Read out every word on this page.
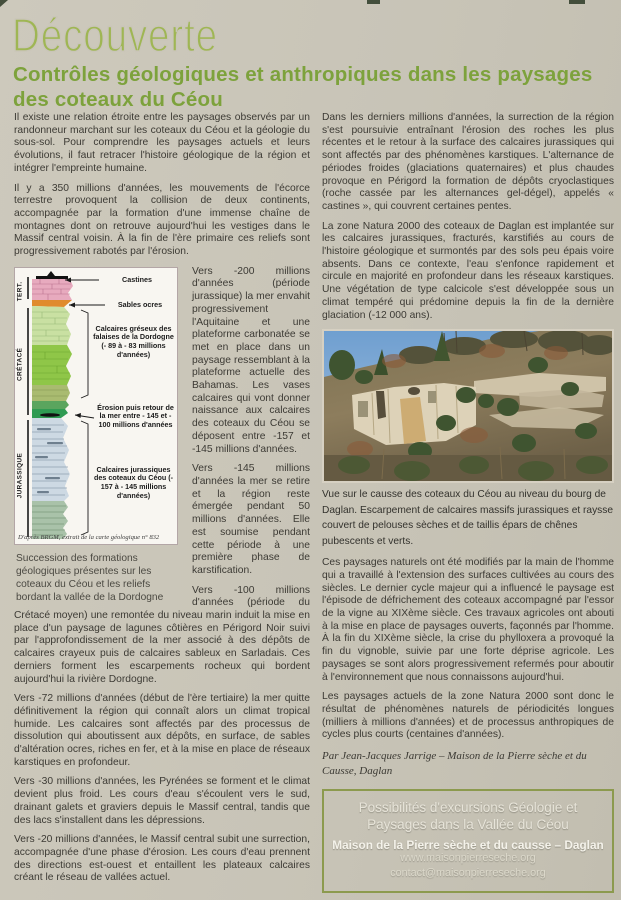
Découverte
Contrôles géologiques et anthropiques dans les paysages des coteaux du Céou

Il existe une relation étroite entre les paysages observés par un randonneur marchant sur les coteaux du Céou et la géologie du sous-sol. Pour comprendre les paysages actuels et leurs évolutions, il faut retracer l'histoire géologique de la région et intégrer l'empreinte humaine.

Il y a 350 millions d'années, les mouvements de l'écorce terrestre provoquent la collision de deux continents, accompagnée par la formation d'une immense chaîne de montagnes dont on retrouve aujourd'hui les vestiges dans le Massif central voisin. À la fin de l'ère primaire ces reliefs sont progressivement rabotés par l'érosion.

TERT.
CRÉTACÉ
JURASSIQUE
Castines
Sables ocres
Calcaires gréseux des falaises de la Dordogne (- 89 à - 83 millions d'années)
Érosion puis retour de la mer entre - 145 et - 100 millions d'années
Calcaires jurassiques des coteaux du Céou (- 157 à - 145 millions d'années)
D'après BRGM, extrait de la carte géologique n° 832
Succession des formations géologiques présentes sur les coteaux du Céou et les reliefs bordant la vallée de la Dordogne

Vers -200 millions d'années (période jurassique) la mer envahit progressivement l'Aquitaine et une plateforme carbonatée se met en place dans un paysage ressemblant à la plateforme actuelle des Bahamas. Les vases calcaires qui vont donner naissance aux calcaires des coteaux du Céou se déposent entre -157 et -145 millions d'années.

Vers -145 millions d'années la mer se retire et la région reste émergée pendant 50 millions d'années. Elle est soumise pendant cette période à une première phase de karstification.

Vers -100 millions d'années (période du Crétacé moyen) une remontée du niveau marin induit la mise en place d'un paysage de lagunes côtières en Périgord Noir suivi par l'approfondissement de la mer associé à des dépôts de calcaires crayeux puis de calcaires sableux en Sarladais. Ces derniers forment les escarpements rocheux qui bordent aujourd'hui la rivière Dordogne.

Vers -72 millions d'années (début de l'ère tertiaire) la mer quitte définitivement la région qui connaît alors un climat tropical humide. Les calcaires sont affectés par des processus de dissolution qui aboutissent aux dépôts, en surface, de sables d'altération ocres, riches en fer, et à la mise en place de réseaux karstiques en profondeur.

Vers -30 millions d'années, les Pyrénées se forment et le climat devient plus froid. Les cours d'eau s'écoulent vers le sud, drainant galets et graviers depuis le Massif central, tandis que des lacs s'installent dans les dépressions.

Vers -20 millions d'années, le Massif central subit une surrection, accompagnée d'une phase d'érosion. Les cours d'eau prennent des directions est-ouest et entaillent les plateaux calcaires créant le réseau de vallées actuel.

Dans les derniers millions d'années, la surrection de la région s'est poursuivie entraînant l'érosion des roches les plus récentes et le retour à la surface des calcaires jurassiques qui sont affectés par des phénomènes karstiques. L'alternance de périodes froides (glaciations quaternaires) et plus chaudes provoque en Périgord la formation de dépôts cryoclastiques (roche cassée par les alternances gel-dégel), appelés « castines », qui couvrent certaines pentes.

La zone Natura 2000 des coteaux de Daglan est implantée sur les calcaires jurassiques, fracturés, karstifiés au cours de l'histoire géologique et surmontés par des sols peu épais voire absents. Dans ce contexte, l'eau s'enfonce rapidement et circule en majorité en profondeur dans les réseaux karstiques. Une végétation de type calcicole s'est développée sous un climat tempéré qui prédomine depuis la fin de la dernière glaciation (-12 000 ans).

Vue sur le causse des coteaux du Céou au niveau du bourg de Daglan. Escarpement de calcaires massifs jurassiques et raysse couvert de pelouses sèches et de taillis épars de chênes pubescents et verts.

Ces paysages naturels ont été modifiés par la main de l'homme qui a travaillé à l'extension des surfaces cultivées au cours des siècles. Le dernier cycle majeur qui a influencé le paysage est l'épisode de défrichement des coteaux accompagné par l'essor de la vigne au XIXème siècle. Ces travaux agricoles ont abouti à la mise en place de paysages ouverts, façonnés par l'homme. À la fin du XIXème siècle, la crise du phylloxera a provoqué la fin du vignoble, suivie par une forte déprise agricole. Les paysages se sont alors progressivement refermés pour aboutir à l'environnement que nous connaissons aujourd'hui.

Les paysages actuels de la zone Natura 2000 sont donc le résultat de phénomènes naturels de périodicités longues (milliers à millions d'années) et de processus anthropiques de cycles plus courts (centaines d'années).

Par Jean-Jacques Jarrige – Maison de la Pierre sèche et du Causse, Daglan
Possibilités d'excursions Géologie et Paysages dans la Vallée du Céou
Maison de la Pierre sèche et du causse – Daglan
www.maisonpierreseche.org
contact@maisonpierreseche.org
